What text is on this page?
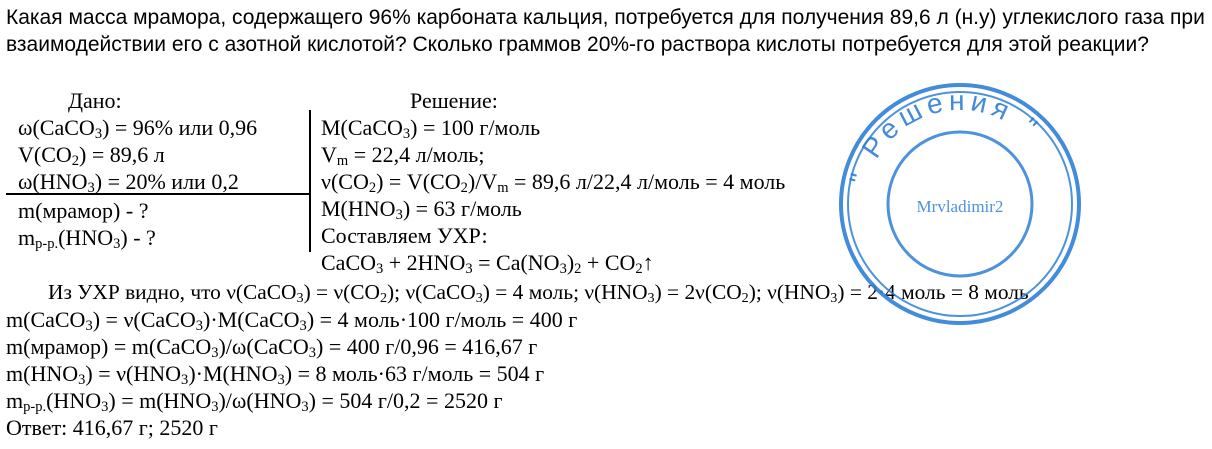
Какая масса мрамора, содержащего 96% карбоната кальция, потребуется для получения 89,6 л (н.у) углекислого газа при взаимодействии его с азотной кислотой? Сколько граммов 20%-го раствора кислоты потребуется для этой реакции?
Дано:	Решение:
ω(CaCO$_3$) = 96% или 0,96
$V(CO_2) = 89,6$ л
$\omega(HNO_3) = 20\%$ или 0,2
m(мрамор) - ?
$m_{р-р.}(HNO_3)$ - ?
M(CaCO$_3$) = 100 г/моль
$V_m = 22,4$ л/моль;
$\nu(CO_2) = V(CO_2)/V_m = 89,6$ л/22,4 л/моль = 4 моль
$M(HNO_3) = 63$ г/моль
Составляем УХР:
CaCO$_3$ + $2HNO_3 = Ca(NO_3)_2$ + $CO_2↑$
Из УХР видно, что ν(CaCO$_3$) = $\nu(CO_2)$; ν(CaCO$_3$) = 4 моль; $\nu(HNO_3) = 2\nu(CO_2)$; $\nu(HNO_3) = 2\cdot 4$ моль = 8 моль
m(CaCO$_3$) = ν(CaCO$_3$)·M(CaCO$_3$) = 4 моль·100 г/моль = 400 г
m(мрамор) = m(CaCO$_3$)/ω(CaCO$_3$) = 400 г/0,96 = 416,67 г
$m(HNO_3) = \nu(HNO_3)\cdot M(HNO_3) = 8$ моль·63 г/моль = 504 г
$m_{р-р.}(HNO_3) = m(HNO_3)/\omega(HNO_3) = 504$ г/0,2 = 2520 г
Ответ: 416,67 г; 2520 г
" Решения "
Mrvladimir2
